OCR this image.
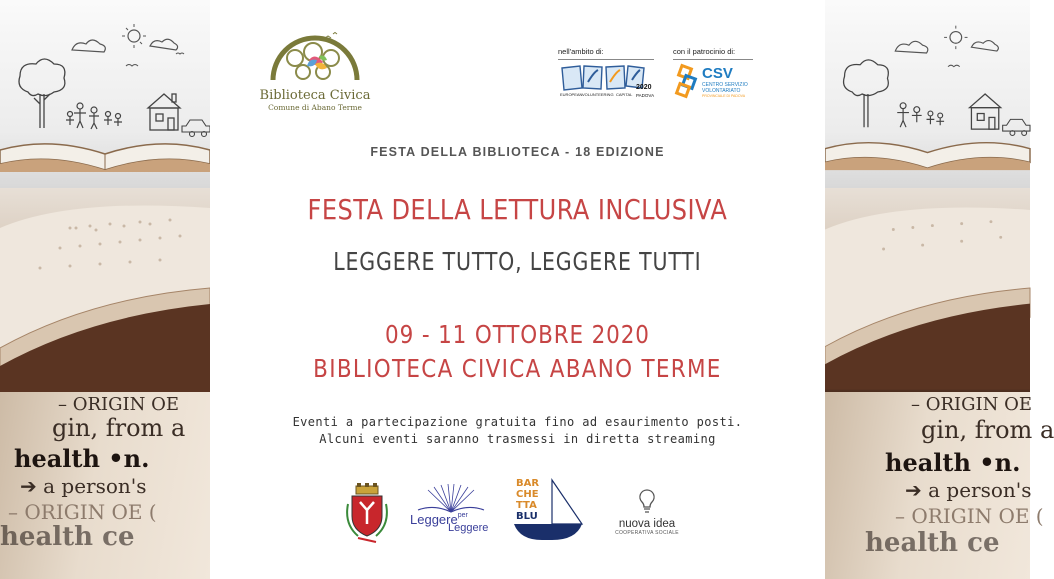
– ORIGIN OE
gin, from a
health •n.
➔ a person's
– ORIGIN OE (
health ce
– ORIGIN OE
gin, from a
health •n.
➔ a person's
– ORIGIN OE (
health ce
Biblioteca Civica
Comune di Abano Terme
nell'ambito di:
EUROPEAN VOLUNTEERING CAPITAL
2020
PADOVA
con il patrocinio di:
CSV
CENTRO SERVIZIO
VOLONTARIATO
PROVINCIALE DI PADOVA
FESTA DELLA BIBLIOTECA - 18 EDIZIONE
FESTA DELLA LETTURA INCLUSIVA
LEGGERE TUTTO, LEGGERE TUTTI
09 - 11 OTTOBRE 2020
BIBLIOTECA CIVICA ABANO TERME
Eventi a partecipazione gratuita fino ad esaurimento posti.
Alcuni eventi saranno trasmessi in diretta streaming
Leggere$^{per}$
Leggere
BAR
CHE
TTA
BLU
nuova idea
COOPERATIVA SOCIALE
